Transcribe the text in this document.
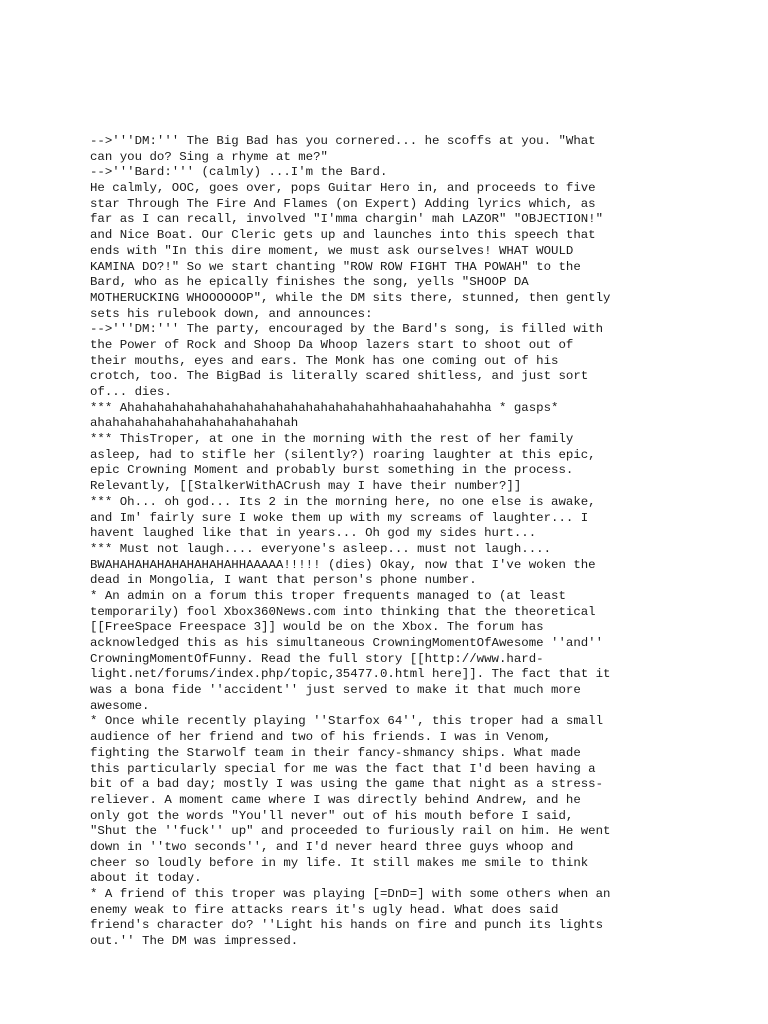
-->'''DM:''' The Big Bad has you cornered... he scoffs at you. "What
can you do? Sing a rhyme at me?"
-->'''Bard:''' (calmly) ...I'm the Bard.
He calmly, OOC, goes over, pops Guitar Hero in, and proceeds to five
star Through The Fire And Flames (on Expert) Adding lyrics which, as
far as I can recall, involved "I'mma chargin' mah LAZOR" "OBJECTION!"
and Nice Boat. Our Cleric gets up and launches into this speech that
ends with "In this dire moment, we must ask ourselves! WHAT WOULD
KAMINA DO?!" So we start chanting "ROW ROW FIGHT THA POWAH" to the
Bard, who as he epically finishes the song, yells "SHOOP DA
MOTHERUCKING WHOOOOOOP", while the DM sits there, stunned, then gently
sets his rulebook down, and announces:
-->'''DM:''' The party, encouraged by the Bard's song, is filled with
the Power of Rock and Shoop Da Whoop lazers start to shoot out of
their mouths, eyes and ears. The Monk has one coming out of his
crotch, too. The BigBad is literally scared shitless, and just sort
of... dies.
*** Ahahahahahahahahahahahahahahahahahahhahaahahahahha * gasps*
ahahahahahahahahahahahahahah
*** ThisTroper, at one in the morning with the rest of her family
asleep, had to stifle her (silently?) roaring laughter at this epic,
epic Crowning Moment and probably burst something in the process.
Relevantly, [[StalkerWithACrush may I have their number?]]
*** Oh... oh god... Its 2 in the morning here, no one else is awake,
and Im' fairly sure I woke them up with my screams of laughter... I
havent laughed like that in years... Oh god my sides hurt...
*** Must not laugh.... everyone's asleep... must not laugh....
BWAHAHAHAHAHAHAHAHAHHAAAAA!!!!! (dies) Okay, now that I've woken the
dead in Mongolia, I want that person's phone number.
* An admin on a forum this troper frequents managed to (at least
temporarily) fool Xbox360News.com into thinking that the theoretical
[[FreeSpace Freespace 3]] would be on the Xbox. The forum has
acknowledged this as his simultaneous CrowningMomentOfAwesome ''and''
CrowningMomentOfFunny. Read the full story [[http://www.hard-
light.net/forums/index.php/topic,35477.0.html here]]. The fact that it
was a bona fide ''accident'' just served to make it that much more
awesome.
* Once while recently playing ''Starfox 64'', this troper had a small
audience of her friend and two of his friends. I was in Venom,
fighting the Starwolf team in their fancy-shmancy ships. What made
this particularly special for me was the fact that I'd been having a
bit of a bad day; mostly I was using the game that night as a stress-
reliever. A moment came where I was directly behind Andrew, and he
only got the words "You'll never" out of his mouth before I said,
"Shut the ''fuck'' up" and proceeded to furiously rail on him. He went
down in ''two seconds'', and I'd never heard three guys whoop and
cheer so loudly before in my life. It still makes me smile to think
about it today.
* A friend of this troper was playing [=DnD=] with some others when an
enemy weak to fire attacks rears it's ugly head. What does said
friend's character do? ''Light his hands on fire and punch its lights
out.'' The DM was impressed.
